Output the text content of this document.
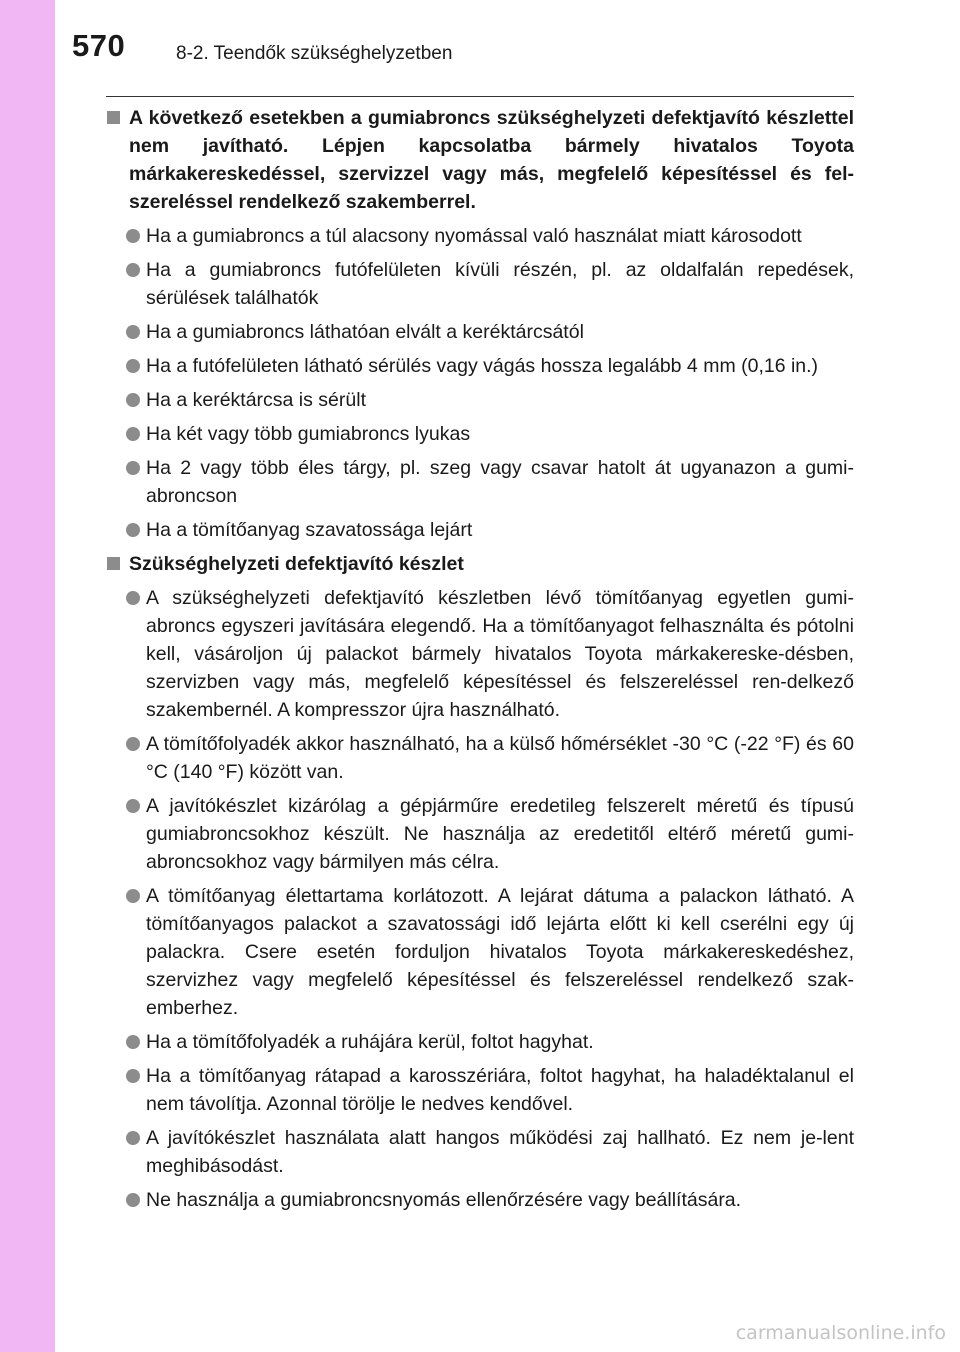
570	8-2. Teendők szükséghelyzetben
A következő esetekben a gumiabroncs szükséghelyzeti defektjavító készlettel nem javítható. Lépjen kapcsolatba bármely hivatalos Toyota márkakereskedéssel, szervizzel vagy más, megfelelő képesítéssel és fel-szereléssel rendelkező szakemberrel.
Ha a gumiabroncs a túl alacsony nyomással való használat miatt károsodott
Ha a gumiabroncs futófelületen kívüli részén, pl. az oldalfalán repedések, sérülések találhatók
Ha a gumiabroncs láthatóan elvált a keréktárcsától
Ha a futófelületen látható sérülés vagy vágás hossza legalább 4 mm (0,16 in.)
Ha a keréktárcsa is sérült
Ha két vagy több gumiabroncs lyukas
Ha 2 vagy több éles tárgy, pl. szeg vagy csavar hatolt át ugyanazon a gumi-abroncson
Ha a tömítőanyag szavatossága lejárt
Szükséghelyzeti defektjavító készlet
A szükséghelyzeti defektjavító készletben lévő tömítőanyag egyetlen gumi-abroncs egyszeri javítására elegendő. Ha a tömítőanyagot felhasználta és pótolni kell, vásároljon új palackot bármely hivatalos Toyota márkakereske-désben, szervizben vagy más, megfelelő képesítéssel és felszereléssel ren-delkező szakembernél. A kompresszor újra használható.
A tömítőfolyadék akkor használható, ha a külső hőmérséklet -30 °C (-22 °F) és 60 °C (140 °F) között van.
A javítókészlet kizárólag a gépjárműre eredetileg felszerelt méretű és típusú gumiabroncsokhoz készült. Ne használja az eredetitől eltérő méretű gumi-abroncsokhoz vagy bármilyen más célra.
A tömítőanyag élettartama korlátozott. A lejárat dátuma a palackon látható. A tömítőanyagos palackot a szavatossági idő lejárta előtt ki kell cserélni egy új palackra. Csere esetén forduljon hivatalos Toyota márkakereskedéshez, szervizhez vagy megfelelő képesítéssel és felszereléssel rendelkező szak-emberhez.
Ha a tömítőfolyadék a ruhájára kerül, foltot hagyhat.
Ha a tömítőanyag rátapad a karosszériára, foltot hagyhat, ha haladéktalanul el nem távolítja. Azonnal törölje le nedves kendővel.
A javítókészlet használata alatt hangos működési zaj hallható. Ez nem je-lent meghibásodást.
Ne használja a gumiabroncsnyomás ellenőrzésére vagy beállítására.
carmanualsonline.info
